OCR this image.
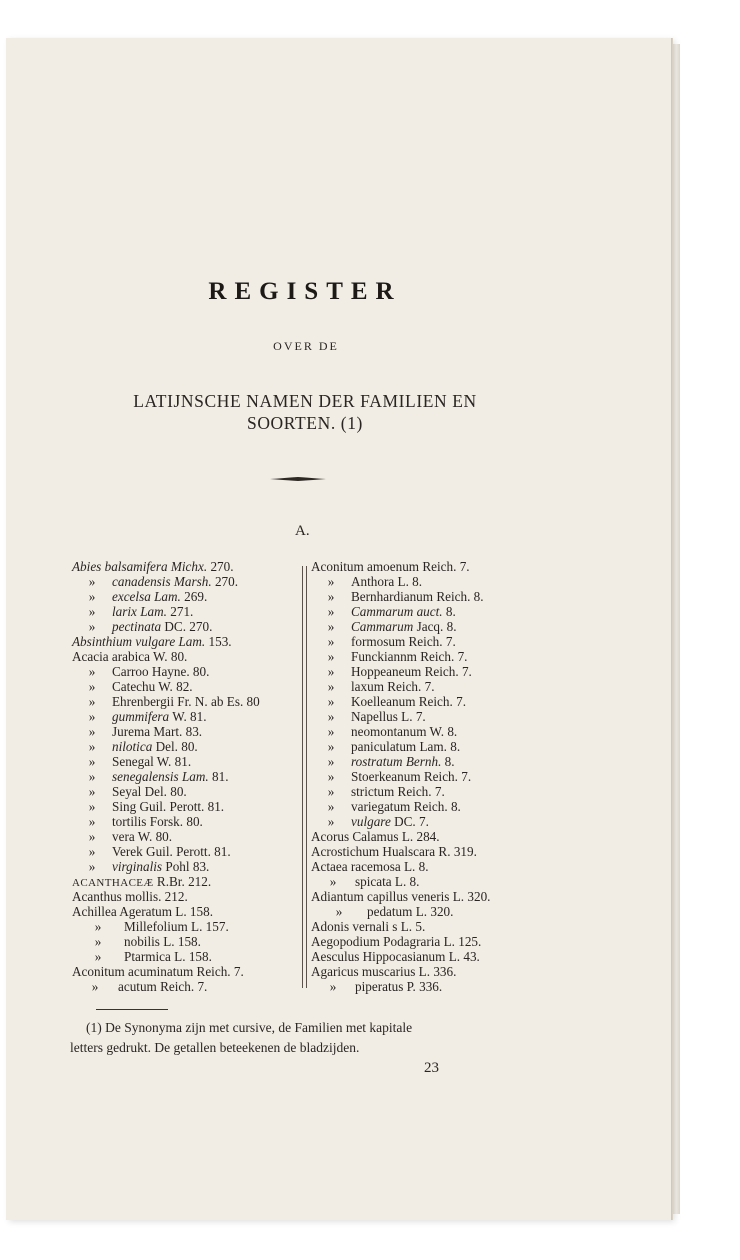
REGISTER
OVER DE
LATIJNSCHE NAMEN DER FAMILIEN EN
SOORTEN. (1)
A.
Abies balsamifera Michx. 270.
» canadensis Marsh. 270.
» excelsa Lam. 269.
» larix Lam. 271.
» pectinata DC. 270.
Absinthium vulgare Lam. 153.
Acacia arabica W. 80.
» Carroo Hayne. 80.
» Catechu W. 82.
» Ehrenbergii Fr. N. ab Es. 80
» gummifera W. 81.
» Jurema Mart. 83.
» nilotica Del. 80.
» Senegal W. 81.
» senegalensis Lam. 81.
» Seyal Del. 80.
» Sing Guil. Perott. 81.
» tortilis Forsk. 80.
» vera W. 80.
» Verek Guil. Perott. 81.
» virginalis Pohl 83.
ACANTHACEÆ R.Br. 212.
Acanthus mollis. 212.
Achillea Ageratum L. 158.
» Millefolium L. 157.
» nobilis L. 158.
» Ptarmica L. 158.
Aconitum acuminatum Reich. 7.
» acutum Reich. 7.
Aconitum amoenum Reich. 7.
» Anthora L. 8.
» Bernhardianum Reich. 8.
» Cammarum auct. 8.
» Cammarum Jacq. 8.
» formosum Reich. 7.
» Funckiannm Reich. 7.
» Hoppeaneum Reich. 7.
» laxum Reich. 7.
» Koelleanum Reich. 7.
» Napellus L. 7.
» neomontanum W. 8.
» paniculatum Lam. 8.
» rostratum Bernh. 8.
» Stoerkeanum Reich. 7.
» strictum Reich. 7.
» variegatum Reich. 8.
» vulgare DC. 7.
Acorus Calamus L. 284.
Acrostichum Hualscara R. 319.
Actaea racemosa L. 8.
» spicata L. 8.
Adiantum capillus veneris L. 320.
» pedatum L. 320.
Adonis vernali s L. 5.
Aegopodium Podagraria L. 125.
Aesculus Hippocasianum L. 43.
Agaricus muscarius L. 336.
» piperatus P. 336.
(1) De Synonyma zijn met cursive, de Familien met kapitale
letters gedrukt. De getallen beteekenen de bladzijden.
23
